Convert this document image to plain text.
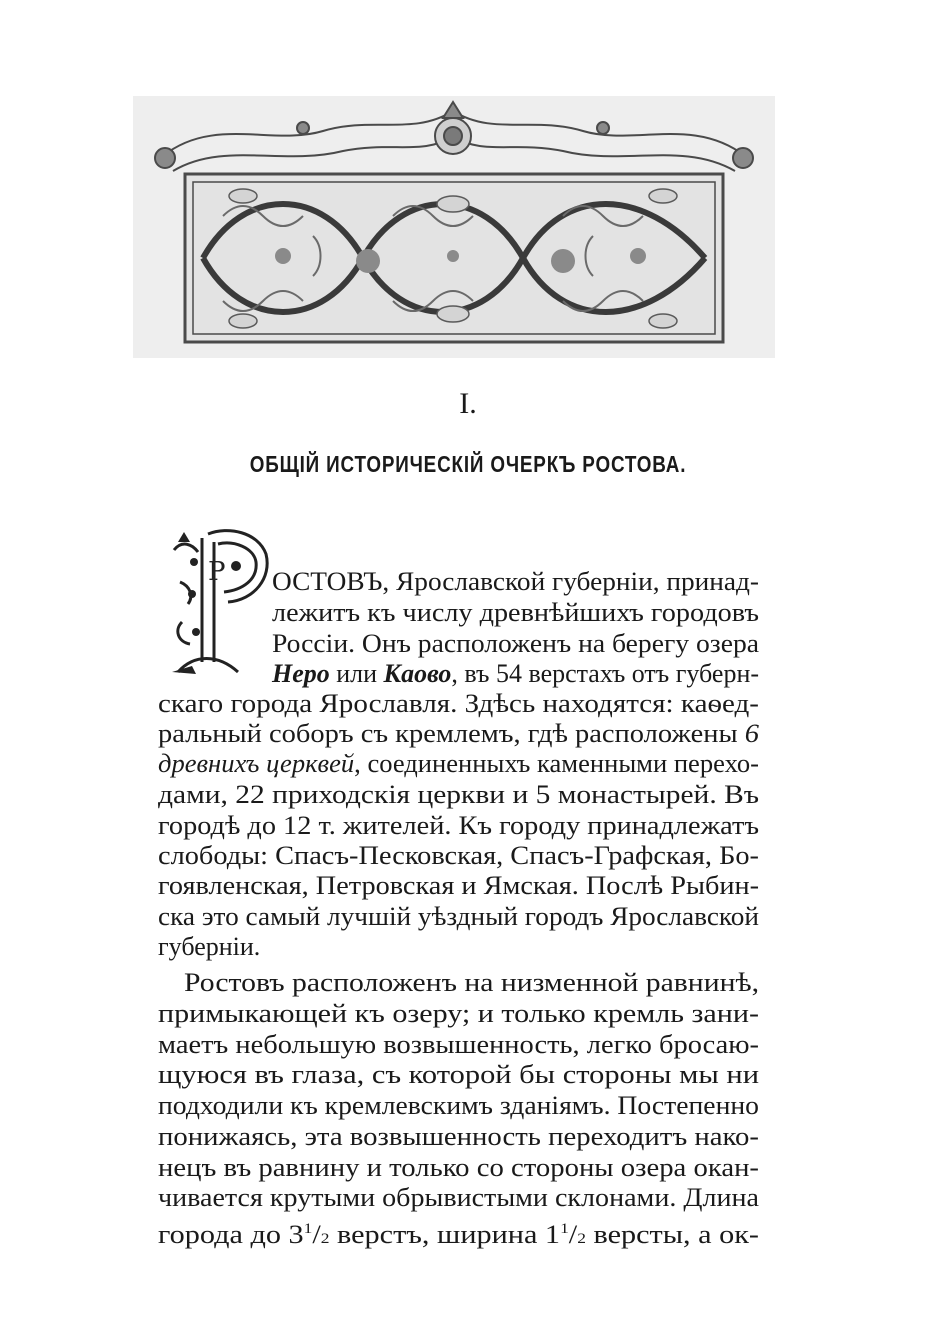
I.
ОБЩІЙ ИСТОРИЧЕСКІЙ ОЧЕРКЪ РОСТОВА.
Р ОСТОВЪ, Ярославской губерніи, принад-
лежитъ къ числу древнѣйшихъ городовъ
Россіи. Онъ расположенъ на берегу озера
Неро или Каово, въ 54 верстахъ отъ губерн-
скаго города Ярославля. Здѣсь находятся: каѳед-
ральный соборъ съ кремлемъ, гдѣ расположены 6
древнихъ церквей, соединенныхъ каменными перехо-
дами, 22 приходскія церкви и 5 монастырей. Въ
городѣ до 12 т. жителей. Къ городу принадлежатъ
слободы: Спасъ-Песковская, Спасъ-Графская, Бо-
гоявленская, Петровская и Ямская. Послѣ Рыбин-
ска это самый лучшій уѣздный городъ Ярославской
губерніи.
Ростовъ расположенъ на низменной равнинѣ,
примыкающей къ озеру; и только кремль зани-
маетъ небольшую возвышенность, легко бросаю-
щуюся въ глаза, съ которой бы стороны мы ни
подходили къ кремлевскимъ зданіямъ. Постепенно
понижаясь, эта возвышенность переходитъ нако-
нецъ въ равнину и только со стороны озера окан-
чивается крутыми обрывистыми склонами. Длина
города до $3^1/2$ верстъ, ширина $1^1/2$ версты, а ок-
